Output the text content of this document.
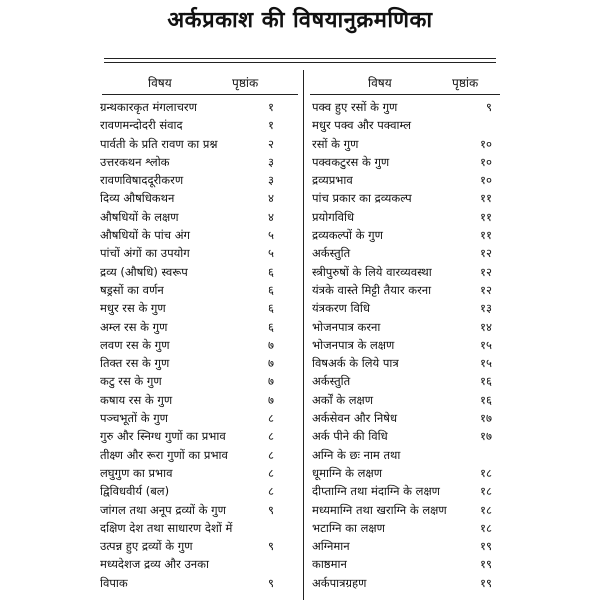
अर्कप्रकाश की विषयानुक्रमणिका
विषय	पृष्ठांक	विषय	पृष्ठांक
ग्रन्थकारकृत मंगलाचरण	१
रावणमन्दोदरी संवाद	१
पार्वती के प्रति रावण का प्रश्न	२
उत्तरकथन श्लोक	३
रावणविषाददूरीकरण	३
दिव्य औषधिकथन	४
औषधियों के लक्षण	४
औषधियों के पांच अंग	५
पांचों अंगों का उपयोग	५
द्रव्य (औषधि) स्वरूप	६
षड्रसों का वर्णन	६
मधुर रस के गुण	६
अम्ल रस के गुण	६
लवण रस के गुण	७
तिक्त रस के गुण	७
कटु रस के गुण	७
कषाय रस के गुण	७
पञ्चभूतों के गुण	८
गुरु और स्निग्ध गुणों का प्रभाव	८
तीक्ष्ण और रूरा गुणों का प्रभाव	८
लघुगुण का प्रभाव	८
द्विविधवीर्य (बल)	८
जांगल तथा अनूप द्रव्यों के गुण	९
दक्षिण देश तथा साधारण देशों में
उत्पन्न हुए द्रव्यों के गुण	९
मध्यदेशज द्रव्य और उनका
विपाक	९
पक्व हुए रसों के गुण	९
मधुर पक्व और पक्वाम्ल
रसों के गुण	१०
पक्वकटुरस के गुण	१०
द्रव्यप्रभाव	१०
पांच प्रकार का द्रव्यकल्प	११
प्रयोगविधि	११
द्रव्यकल्पों के गुण	११
अर्कस्तुति	१२
स्त्रीपुरुषों के लिये वारव्यवस्था	१२
यंत्रके वास्ते मिट्टी तैयार करना	१२
यंत्रकरण विधि	१३
भोजनपात्र करना	१४
भोजनपात्र के लक्षण	१५
विषअर्क के लिये पात्र	१५
अर्कस्तुति	१६
अर्कों के लक्षण	१६
अर्कसेवन और निषेध	१७
अर्क पीने की विधि	१७
अग्नि के छः नाम तथा
धूमाग्नि के लक्षण	१८
दीप्ताग्नि तथा मंदाग्नि के लक्षण	१८
मध्यमाग्नि तथा खराग्नि के लक्षण	१८
भटाग्नि का लक्षण	१८
अग्निमान	१९
काष्ठमान	१९
अर्कपात्रग्रहण	१९
